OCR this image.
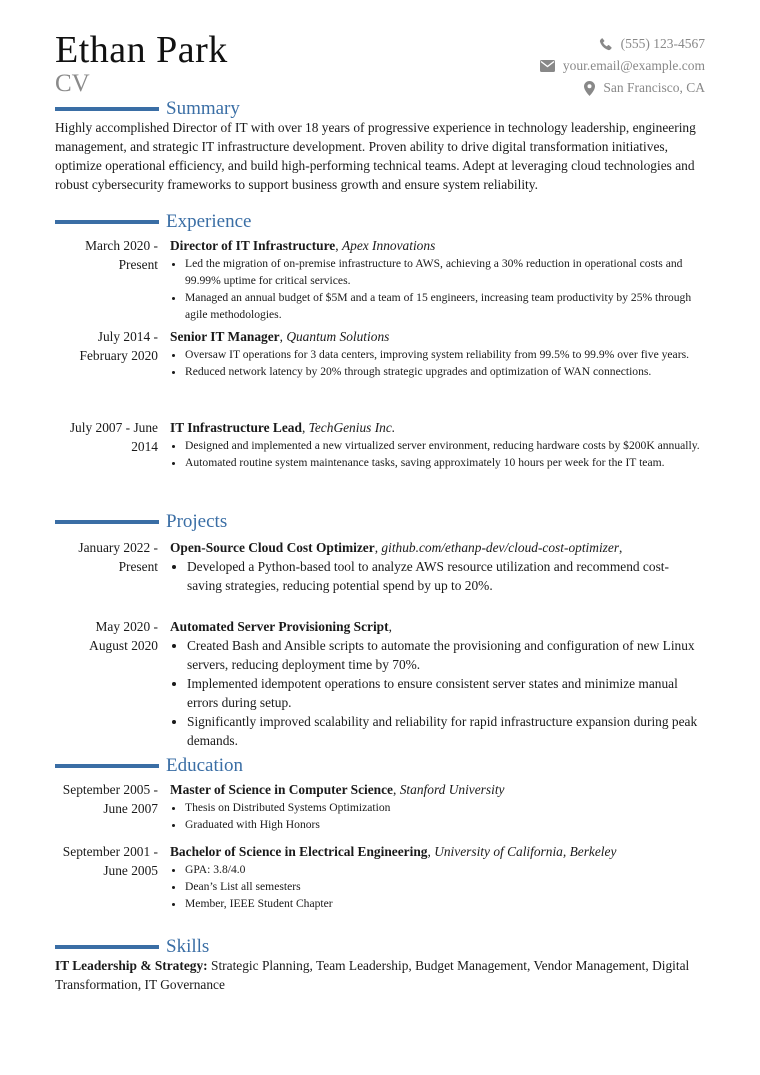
Ethan Park
CV
(555) 123-4567
your.email@example.com
San Francisco, CA
Summary
Highly accomplished Director of IT with over 18 years of progressive experience in technology leadership, engineering management, and strategic IT infrastructure development. Proven ability to drive digital transformation initiatives, optimize operational efficiency, and build high-performing technical teams. Adept at leveraging cloud technologies and robust cybersecurity frameworks to support business growth and ensure system reliability.
Experience
March 2020 - Present
Director of IT Infrastructure, Apex Innovations
• Led the migration of on-premise infrastructure to AWS, achieving a 30% reduction in operational costs and 99.99% uptime for critical services.
• Managed an annual budget of $5M and a team of 15 engineers, increasing team productivity by 25% through agile methodologies.
July 2014 - February 2020
Senior IT Manager, Quantum Solutions
• Oversaw IT operations for 3 data centers, improving system reliability from 99.5% to 99.9% over five years.
• Reduced network latency by 20% through strategic upgrades and optimization of WAN connections.
July 2007 - June 2014
IT Infrastructure Lead, TechGenius Inc.
• Designed and implemented a new virtualized server environment, reducing hardware costs by $200K annually.
• Automated routine system maintenance tasks, saving approximately 10 hours per week for the IT team.
Projects
January 2022 - Present
Open-Source Cloud Cost Optimizer, github.com/ethanp-dev/cloud-cost-optimizer,
• Developed a Python-based tool to analyze AWS resource utilization and recommend cost-saving strategies, reducing potential spend by up to 20%.
May 2020 - August 2020
Automated Server Provisioning Script,
• Created Bash and Ansible scripts to automate the provisioning and configuration of new Linux servers, reducing deployment time by 70%.
• Implemented idempotent operations to ensure consistent server states and minimize manual errors during setup.
• Significantly improved scalability and reliability for rapid infrastructure expansion during peak demands.
Education
September 2005 - June 2007
Master of Science in Computer Science, Stanford University
• Thesis on Distributed Systems Optimization
• Graduated with High Honors
September 2001 - June 2005
Bachelor of Science in Electrical Engineering, University of California, Berkeley
• GPA: 3.8/4.0
• Dean’s List all semesters
• Member, IEEE Student Chapter
Skills
IT Leadership & Strategy: Strategic Planning, Team Leadership, Budget Management, Vendor Management, Digital Transformation, IT Governance
